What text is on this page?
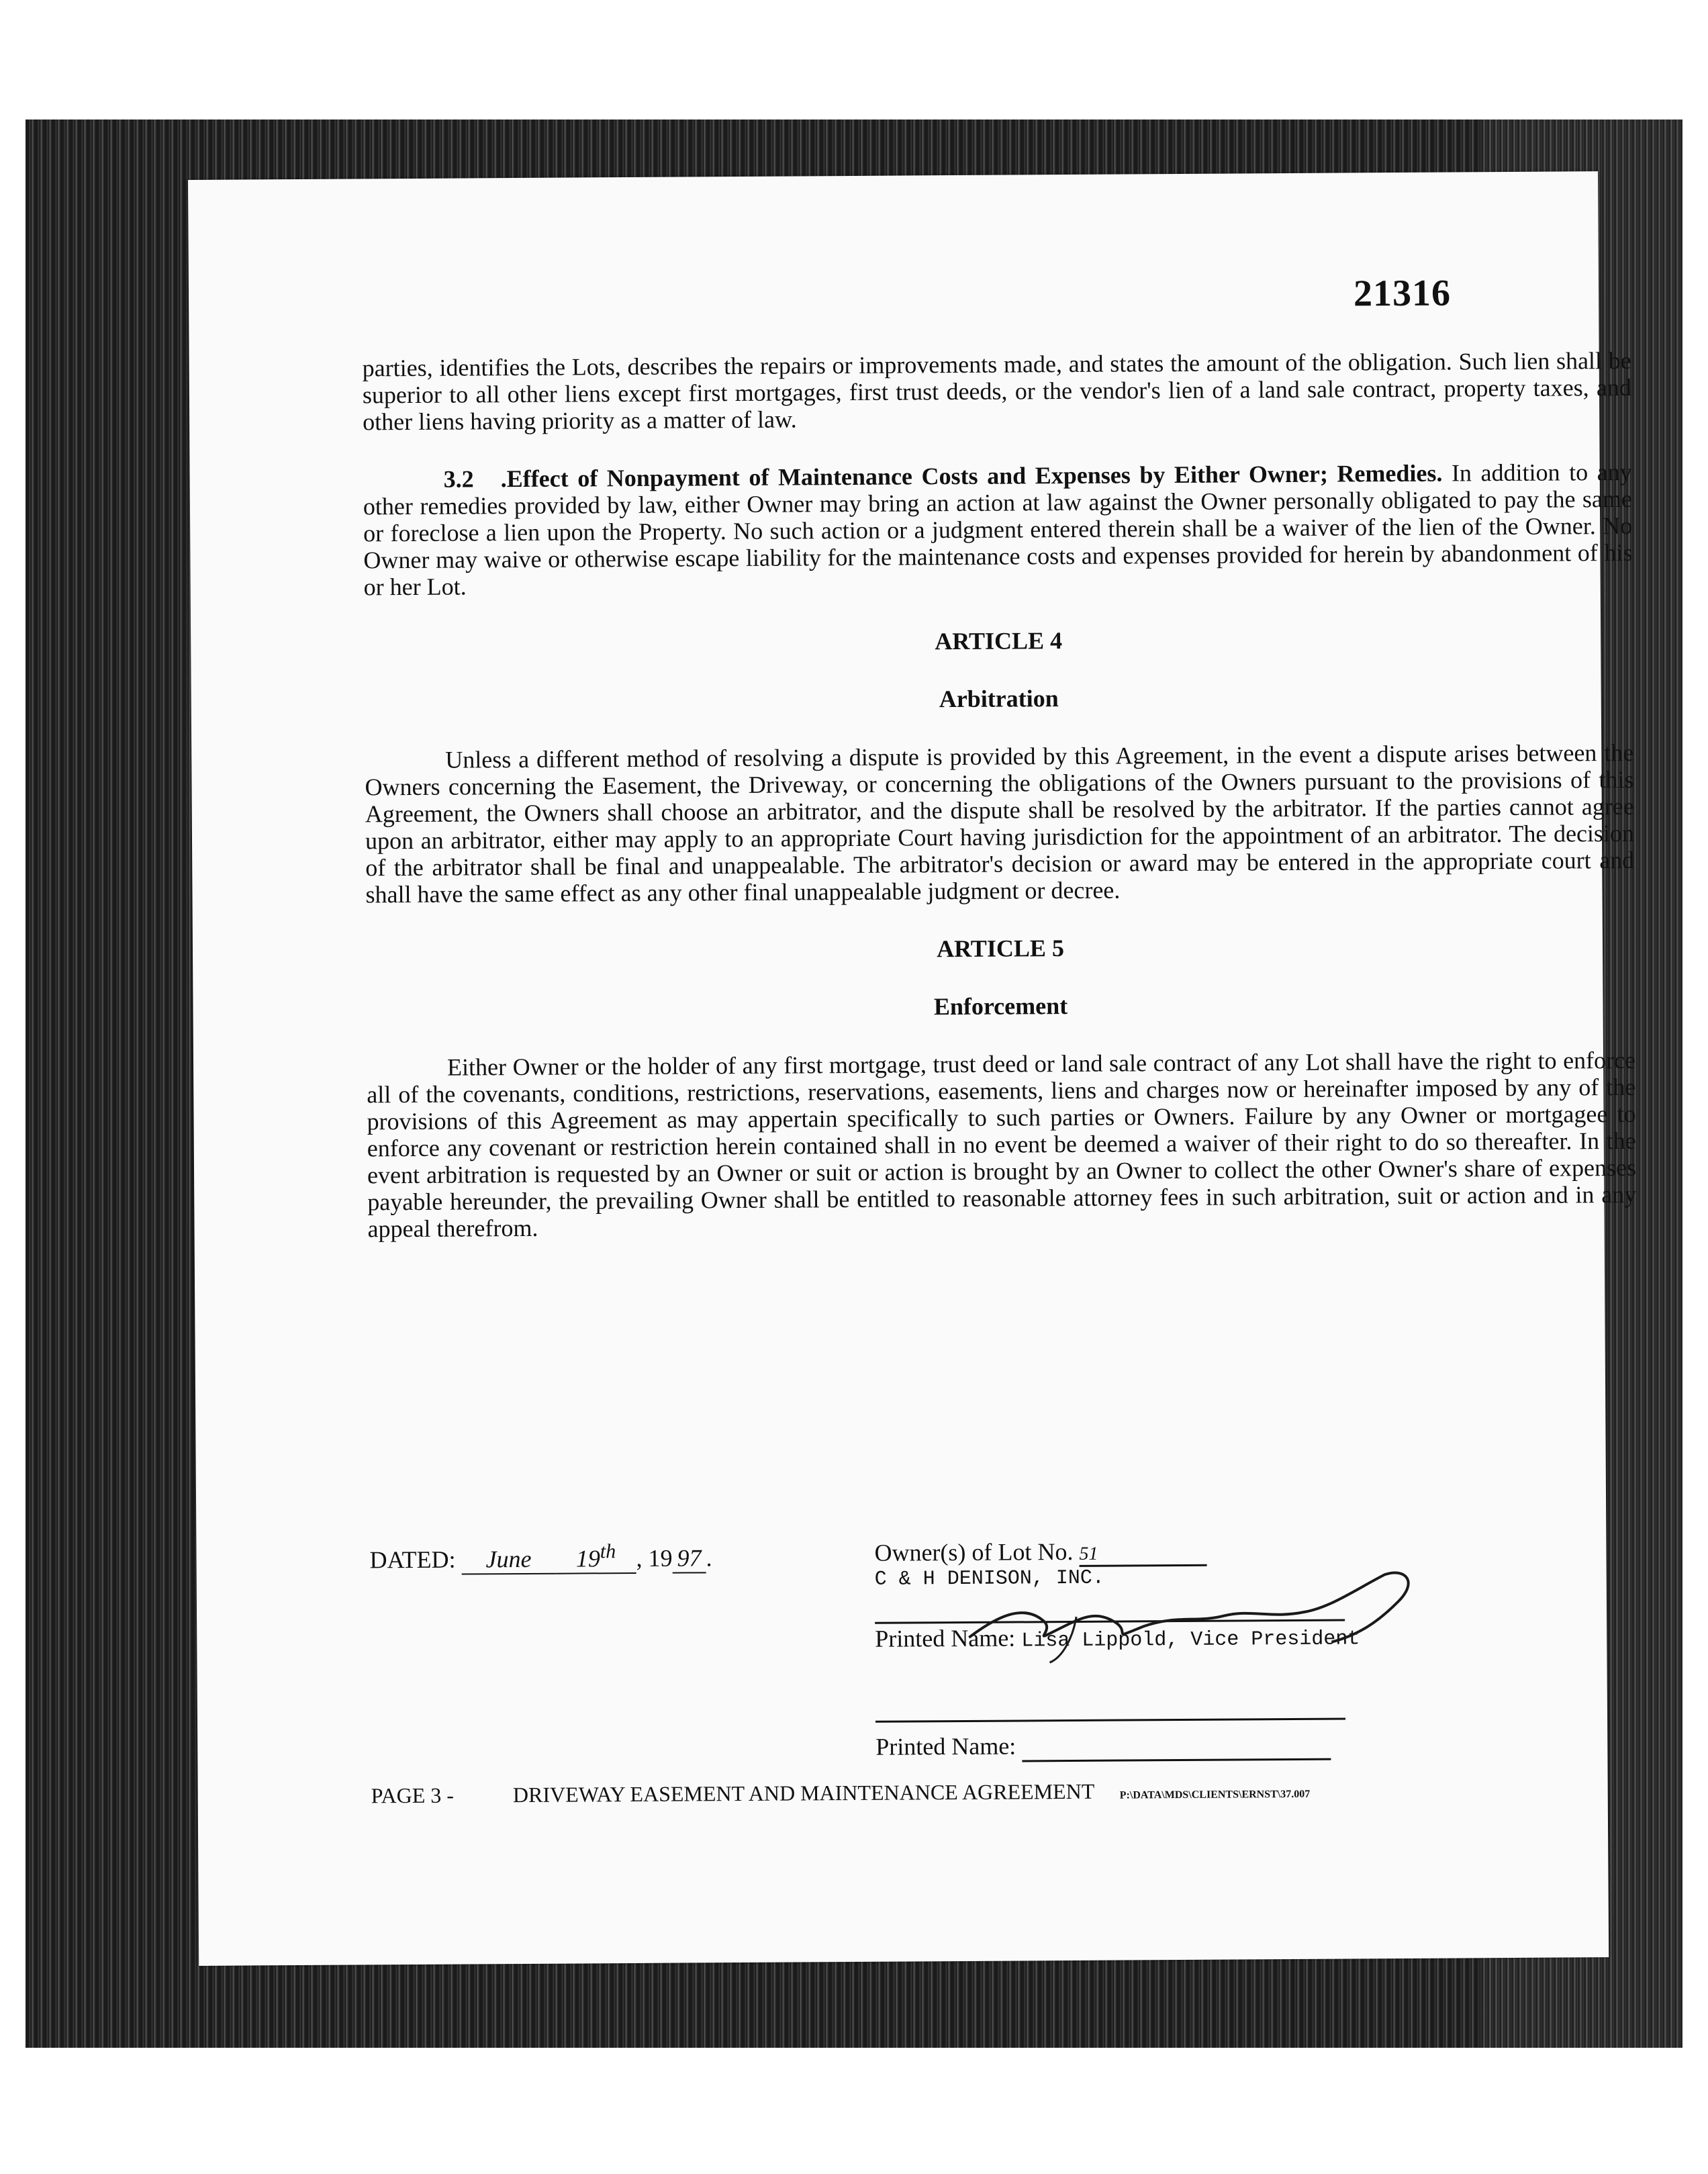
21316

parties, identifies the Lots, describes the repairs or improvements made, and states the amount of the obligation. Such lien shall be superior to all other liens except first mortgages, first trust deeds, or the vendor's lien of a land sale contract, property taxes, and other liens having priority as a matter of law.

3.2 .Effect of Nonpayment of Maintenance Costs and Expenses by Either Owner; Remedies. In addition to any other remedies provided by law, either Owner may bring an action at law against the Owner personally obligated to pay the same or foreclose a lien upon the Property. No such action or a judgment entered therein shall be a waiver of the lien of the Owner. No Owner may waive or otherwise escape liability for the maintenance costs and expenses provided for herein by abandonment of his or her Lot.

ARTICLE 4

Arbitration

Unless a different method of resolving a dispute is provided by this Agreement, in the event a dispute arises between the Owners concerning the Easement, the Driveway, or concerning the obligations of the Owners pursuant to the provisions of this Agreement, the Owners shall choose an arbitrator, and the dispute shall be resolved by the arbitrator. If the parties cannot agree upon an arbitrator, either may apply to an appropriate Court having jurisdiction for the appointment of an arbitrator. The decision of the arbitrator shall be final and unappealable. The arbitrator's decision or award may be entered in the appropriate court and shall have the same effect as any other final unappealable judgment or decree.

ARTICLE 5

Enforcement

Either Owner or the holder of any first mortgage, trust deed or land sale contract of any Lot shall have the right to enforce all of the covenants, conditions, restrictions, reservations, easements, liens and charges now or hereinafter imposed by any of the provisions of this Agreement as may appertain specifically to such parties or Owners. Failure by any Owner or mortgagee to enforce any covenant or restriction herein contained shall in no event be deemed a waiver of their right to do so thereafter. In the event arbitration is requested by an Owner or suit or action is brought by an Owner to collect the other Owner's share of expenses payable hereunder, the prevailing Owner shall be entitled to reasonable attorney fees in such arbitration, suit or action and in any appeal therefrom.

DATED: June 19th , 19 97 .	Owner(s) of Lot No. 51
C & H DENISON, INC.
Printed Name: Lisa Lippold, Vice President
Printed Name:
PAGE 3 -	DRIVEWAY EASEMENT AND MAINTENANCE AGREEMENT P:\DATA\MDS\CLIENTS\ERNST\37.007
